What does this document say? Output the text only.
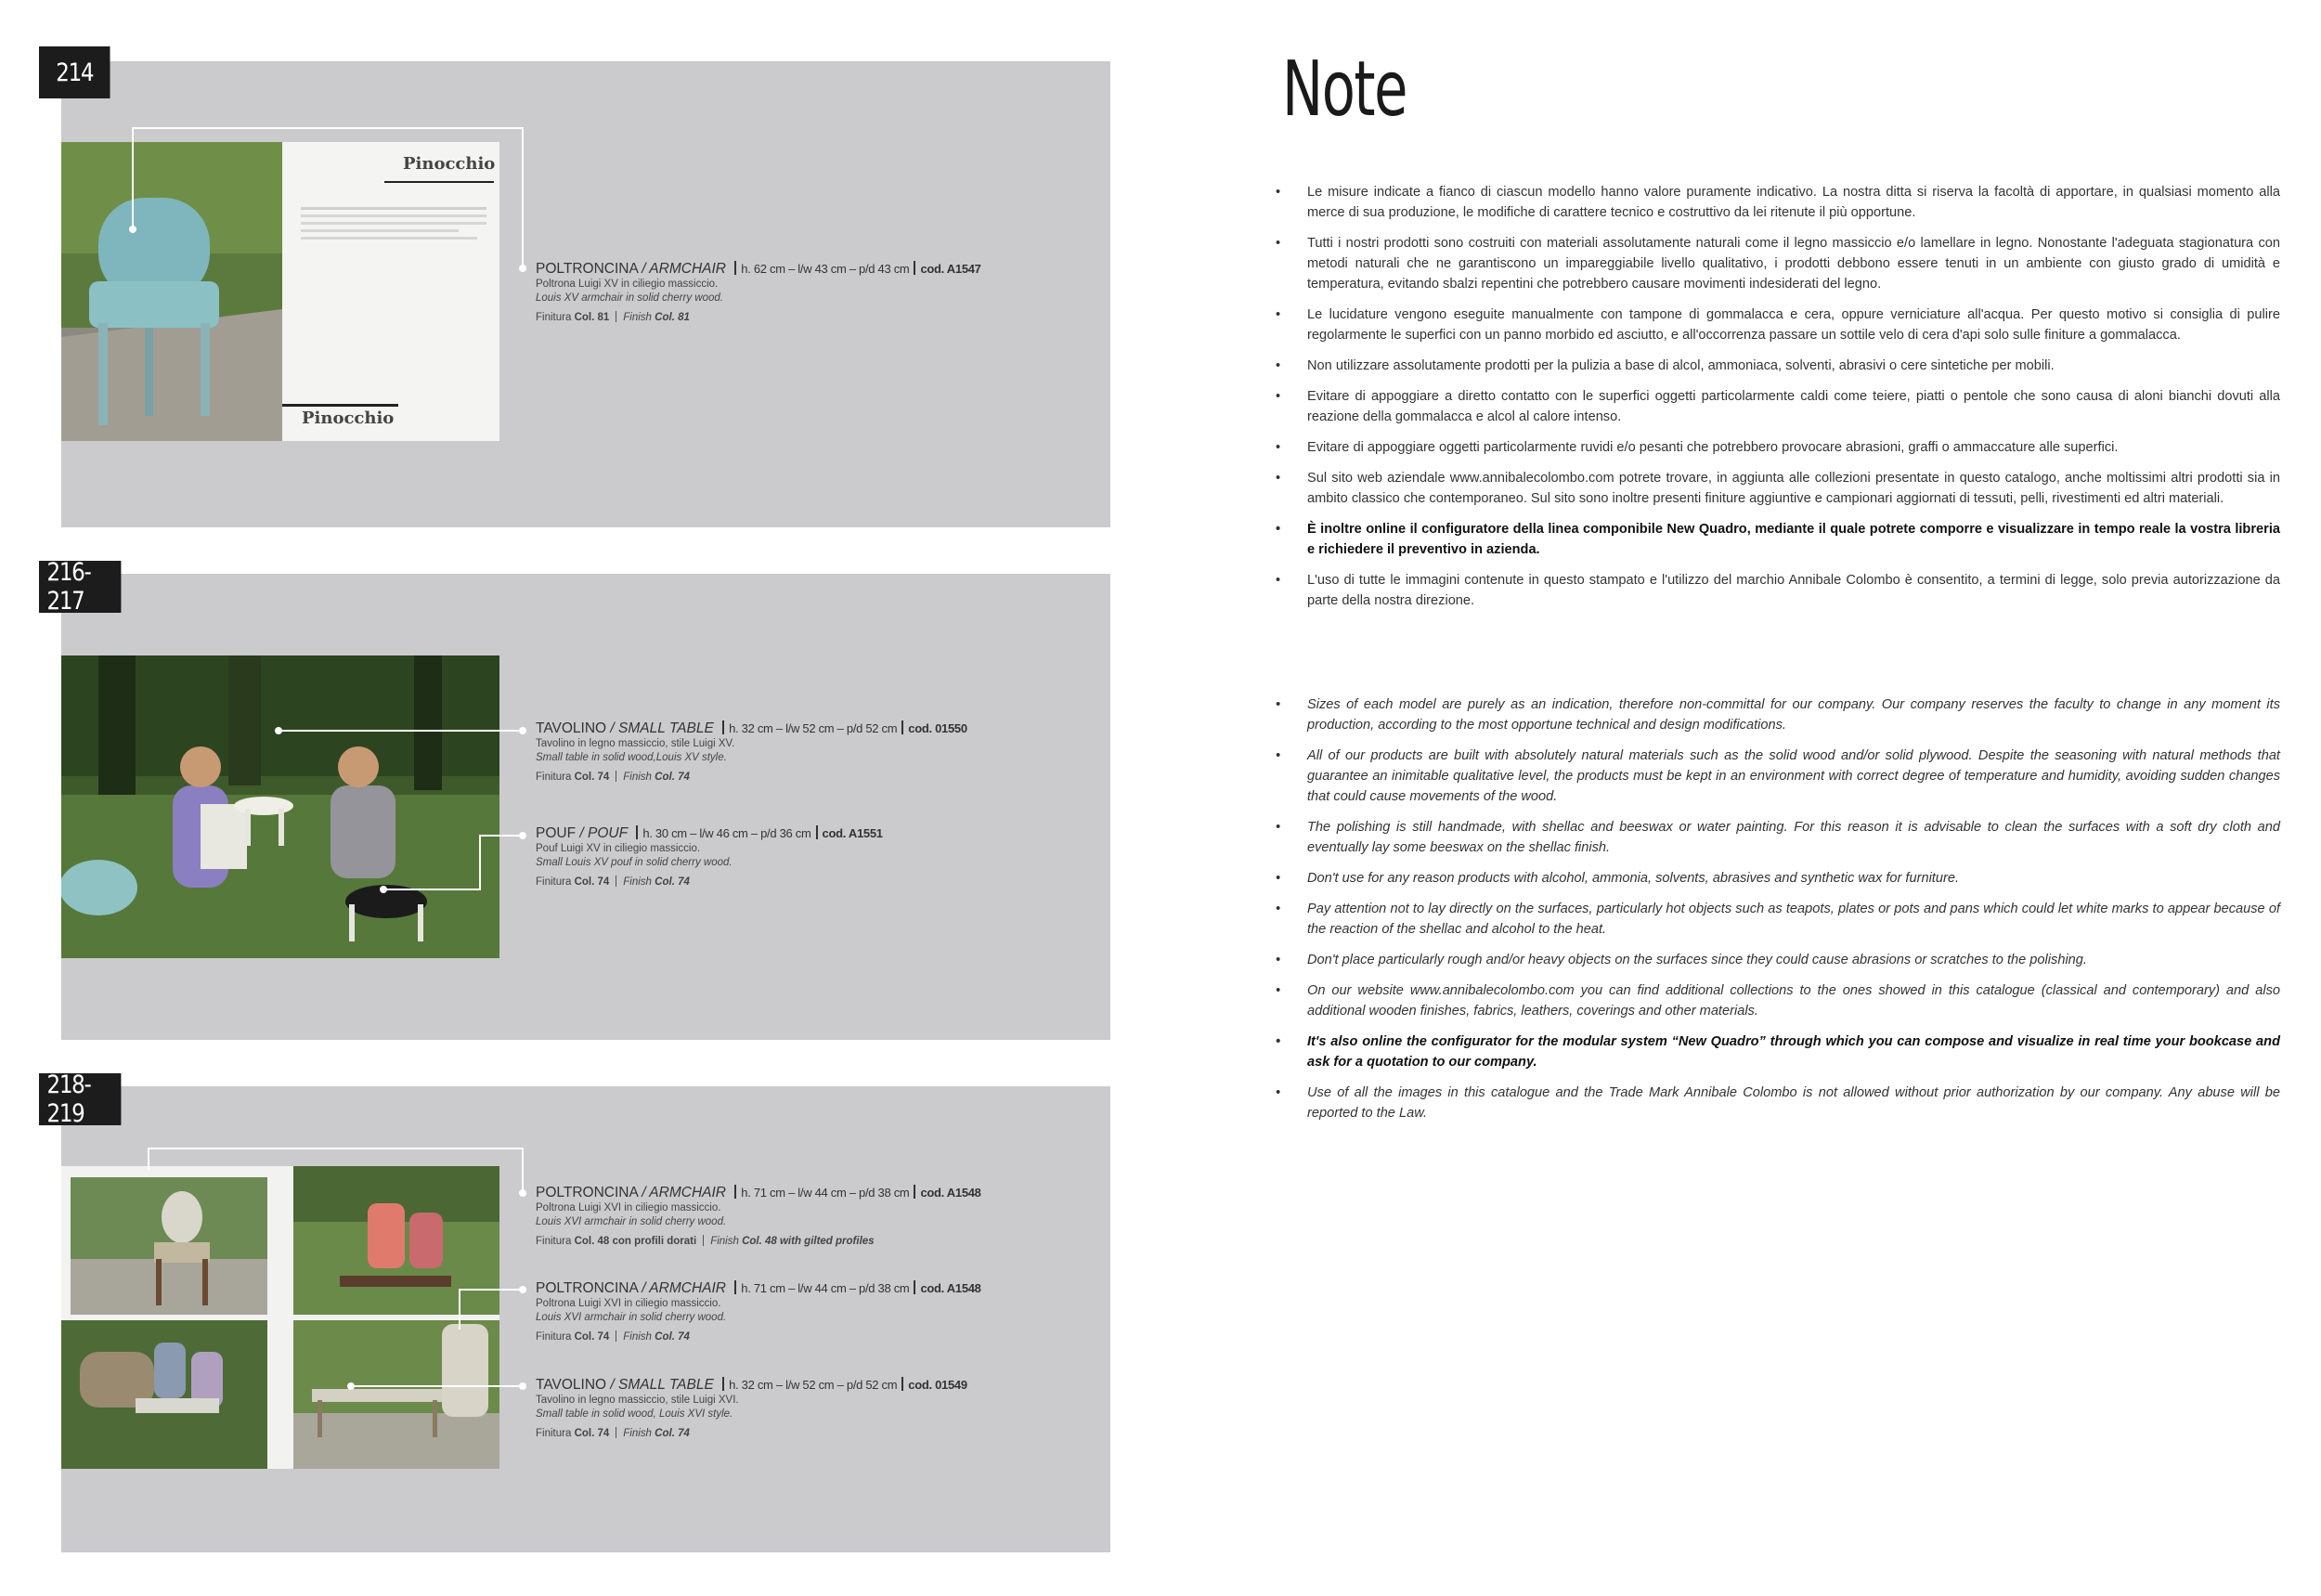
214
Pinocchio
Pinocchio
POLTRONCINA / ARMCHAIR h. 62 cm – l/w 43 cm – p/d 43 cm cod. A1547
Poltrona Luigi XV in ciliegio massiccio.
Louis XV armchair in solid cherry wood.
Finitura Col. 81 Finish Col. 81
216-217
TAVOLINO / SMALL TABLE h. 32 cm – l/w 52 cm – p/d 52 cm cod. 01550
Tavolino in legno massiccio, stile Luigi XV.
Small table in solid wood,Louis XV style.
Finitura Col. 74 Finish Col. 74
POUF / POUF h. 30 cm – l/w 46 cm – p/d 36 cm cod. A1551
Pouf Luigi XV in ciliegio massiccio.
Small Louis XV pouf in solid cherry wood.
Finitura Col. 74 Finish Col. 74
218-219
POLTRONCINA / ARMCHAIR h. 71 cm – l/w 44 cm – p/d 38 cm cod. A1548
Poltrona Luigi XVI in ciliegio massiccio.
Louis XVI armchair in solid cherry wood.
Finitura Col. 48 con profili dorati Finish Col. 48 with gilted profiles
POLTRONCINA / ARMCHAIR h. 71 cm – l/w 44 cm – p/d 38 cm cod. A1548
Poltrona Luigi XVI in ciliegio massiccio.
Louis XVI armchair in solid cherry wood.
Finitura Col. 74 Finish Col. 74
TAVOLINO / SMALL TABLE h. 32 cm – l/w 52 cm – p/d 52 cm cod. 01549
Tavolino in legno massiccio, stile Luigi XVI.
Small table in solid wood, Louis XVI style.
Finitura Col. 74 Finish Col. 74
Note
• Le misure indicate a fianco di ciascun modello hanno valore puramente indicativo. La nostra ditta si riserva la facoltà di apportare, in qualsiasi momento alla merce di sua produzione, le modifiche di carattere tecnico e costruttivo da lei ritenute il più opportune.
• Tutti i nostri prodotti sono costruiti con materiali assolutamente naturali come il legno massiccio e/o lamellare in legno. Nonostante l'adeguata stagionatura con metodi naturali che ne garantiscono un impareggiabile livello qualitativo, i prodotti debbono essere tenuti in un ambiente con giusto grado di umidità e temperatura, evitando sbalzi repentini che potrebbero causare movimenti indesiderati del legno.
• Le lucidature vengono eseguite manualmente con tampone di gommalacca e cera, oppure verniciature all'acqua. Per questo motivo si consiglia di pulire regolarmente le superfici con un panno morbido ed asciutto, e all'occorrenza passare un sottile velo di cera d'api solo sulle finiture a gommalacca.
• Non utilizzare assolutamente prodotti per la pulizia a base di alcol, ammoniaca, solventi, abrasivi o cere sintetiche per mobili.
• Evitare di appoggiare a diretto contatto con le superfici oggetti particolarmente caldi come teiere, piatti o pentole che sono causa di aloni bianchi dovuti alla reazione della gommalacca e alcol al calore intenso.
• Evitare di appoggiare oggetti particolarmente ruvidi e/o pesanti che potrebbero provocare abrasioni, graffi o ammaccature alle superfici.
• Sul sito web aziendale www.annibalecolombo.com potrete trovare, in aggiunta alle collezioni presentate in questo catalogo, anche moltissimi altri prodotti sia in ambito classico che contemporaneo. Sul sito sono inoltre presenti finiture aggiuntive e campionari aggiornati di tessuti, pelli, rivestimenti ed altri materiali.
• È inoltre online il configuratore della linea componibile New Quadro, mediante il quale potrete comporre e visualizzare in tempo reale la vostra libreria e richiedere il preventivo in azienda.
• L'uso di tutte le immagini contenute in questo stampato e l'utilizzo del marchio Annibale Colombo è consentito, a termini di legge, solo previa autorizzazione da parte della nostra direzione.
• Sizes of each model are purely as an indication, therefore non-committal for our company. Our company reserves the faculty to change in any moment its production, according to the most opportune technical and design modifications.
• All of our products are built with absolutely natural materials such as the solid wood and/or solid plywood. Despite the seasoning with natural methods that guarantee an inimitable qualitative level, the products must be kept in an environment with correct degree of temperature and humidity, avoiding sudden changes that could cause movements of the wood.
• The polishing is still handmade, with shellac and beeswax or water painting. For this reason it is advisable to clean the surfaces with a soft dry cloth and eventually lay some beeswax on the shellac finish.
• Don't use for any reason products with alcohol, ammonia, solvents, abrasives and synthetic wax for furniture.
• Pay attention not to lay directly on the surfaces, particularly hot objects such as teapots, plates or pots and pans which could let white marks to appear because of the reaction of the shellac and alcohol to the heat.
• Don't place particularly rough and/or heavy objects on the surfaces since they could cause abrasions or scratches to the polishing.
• On our website www.annibalecolombo.com you can find additional collections to the ones showed in this catalogue (classical and contemporary) and also additional wooden finishes, fabrics, leathers, coverings and other materials.
• It's also online the configurator for the modular system “New Quadro” through which you can compose and visualize in real time your bookcase and ask for a quotation to our company.
• Use of all the images in this catalogue and the Trade Mark Annibale Colombo is not allowed without prior authorization by our company. Any abuse will be reported to the Law.
